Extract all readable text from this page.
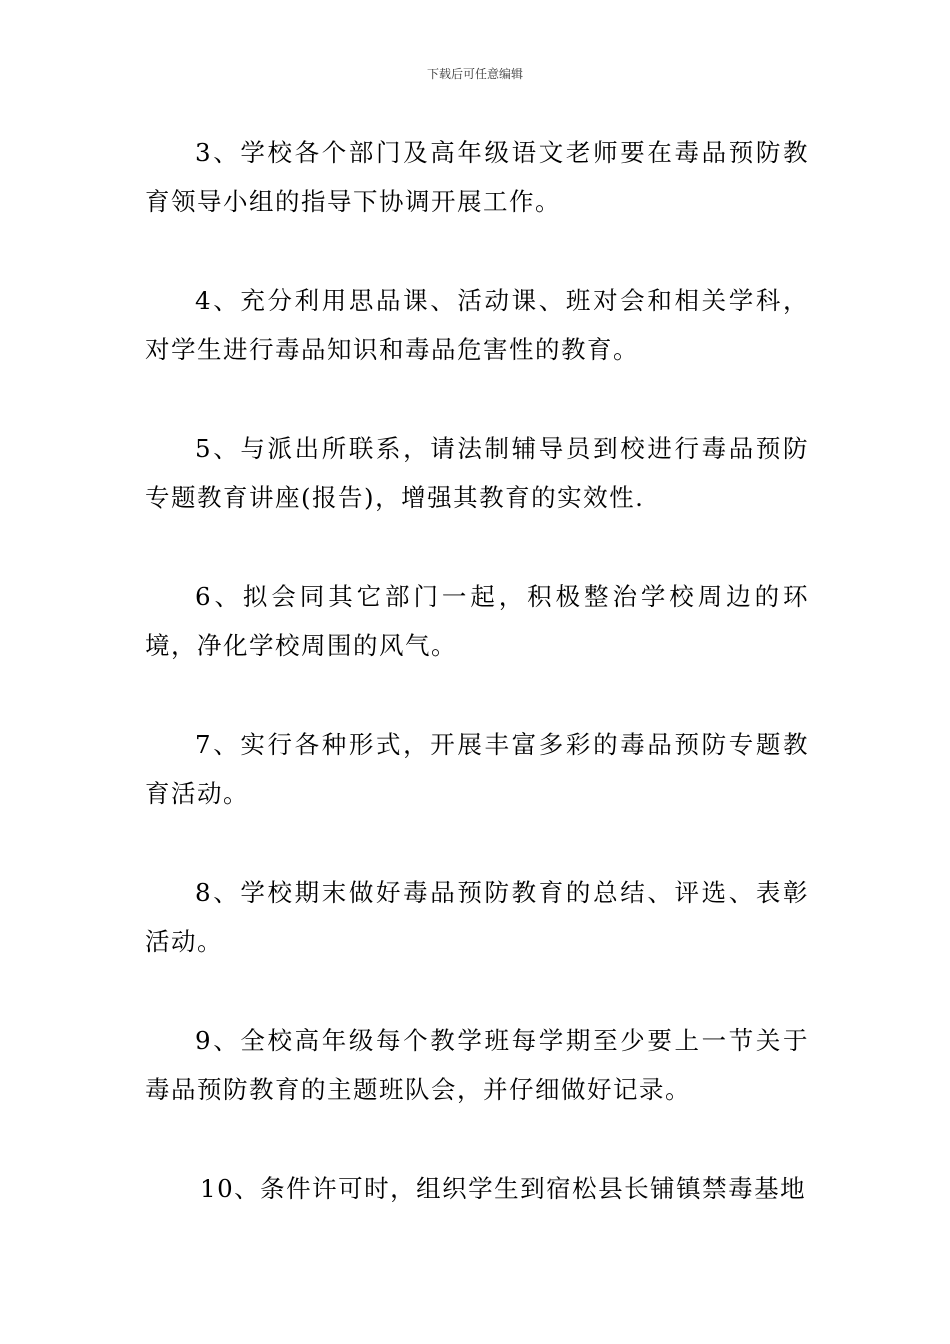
下载后可任意编辑

3、学校各个部门及高年级语文老师要在毒品预防教育领导小组的指导下协调开展工作。

4、充分利用思品课、活动课、班对会和相关学科，对学生进行毒品知识和毒品危害性的教育。

5、与派出所联系，请法制辅导员到校进行毒品预防专题教育讲座(报告)，增强其教育的实效性.

6、拟会同其它部门一起，积极整治学校周边的环境，净化学校周围的风气。

7、实行各种形式，开展丰富多彩的毒品预防专题教育活动。

8、学校期末做好毒品预防教育的总结、评选、表彰活动。

9、全校高年级每个教学班每学期至少要上一节关于毒品预防教育的主题班队会，并仔细做好记录。

10、条件许可时，组织学生到宿松县长铺镇禁毒基地
